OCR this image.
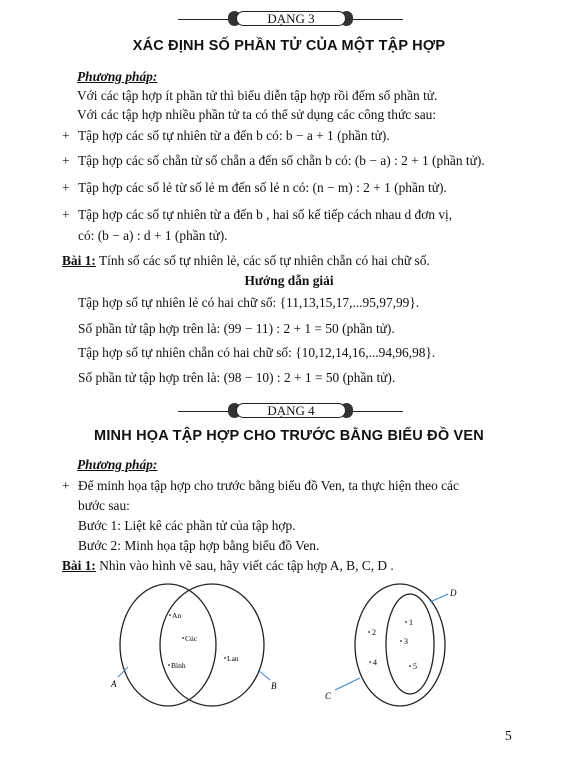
DẠNG 3
XÁC ĐỊNH SỐ PHẦN TỬ CỦA MỘT TẬP HỢP
Phương pháp:
Với các tập hợp ít phần tử thì biểu diễn tập hợp rồi đếm số phần tử.
Với các tập hợp nhiều phần tử ta có thể sử dụng các công thức sau:
+ Tập hợp các số tự nhiên từ a đến b có: b − a + 1 (phần tử).
+ Tập hợp các số chẵn từ số chẵn a đến số chẵn b có: (b − a) : 2 + 1 (phần tử).
+ Tập hợp các số lẻ từ số lẻ m đến số lẻ n có: (n − m) : 2 + 1 (phần tử).
+ Tập hợp các số tự nhiên từ a đến b , hai số kế tiếp cách nhau d đơn vị,
có: (b − a) : d + 1 (phần tử).
Bài 1: Tính số các số tự nhiên lẻ, các số tự nhiên chẵn có hai chữ số.
Hướng dẫn giải
Tập hợp số tự nhiên lẻ có hai chữ số: {11,13,15,17,...95,97,99}.
Số phần tử tập hợp trên là: (99 − 11) : 2 + 1 = 50 (phần tử).
Tập hợp số tự nhiên chẵn có hai chữ số: {10,12,14,16,...94,96,98}.
Số phần tử tập hợp trên là: (98 − 10) : 2 + 1 = 50 (phần tử).
DẠNG 4
MINH HỌA TẬP HỢP CHO TRƯỚC BẰNG BIỂU ĐỒ VEN
Phương pháp:
+ Để minh họa tập hợp cho trước bằng biểu đồ Ven, ta thực hiện theo các
bước sau:
Bước 1: Liệt kê các phần tử của tập hợp.
Bước 2: Minh họa tập hợp bằng biểu đồ Ven.
Bài 1: Nhìn vào hình vẽ sau, hãy viết các tập hợp A, B, C, D .
A	B
An
Cúc
Bình
Lan
D
C
1
2
3
4	5
5
